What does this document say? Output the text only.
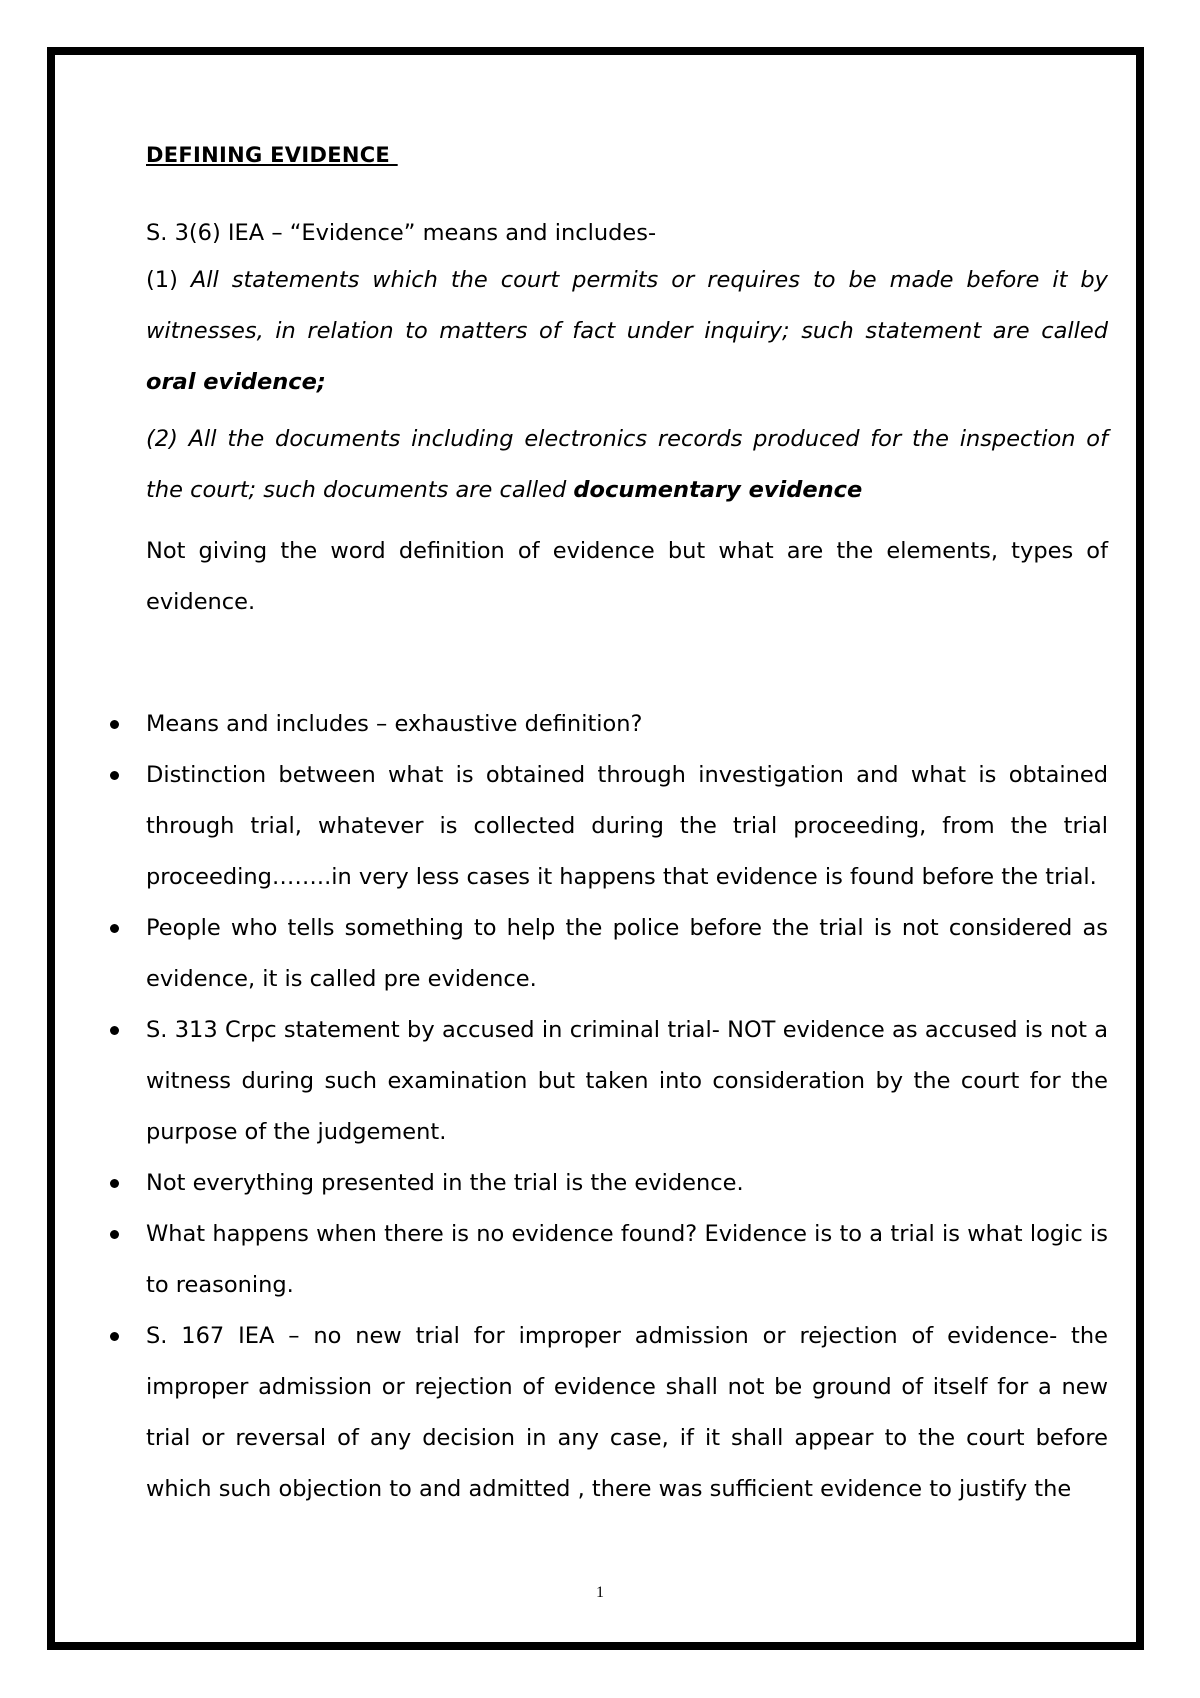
DEFINING EVIDENCE

S. 3(6) IEA – “Evidence” means and includes-

(1) All statements which the court permits or requires to be made before it by witnesses, in relation to matters of fact under inquiry; such statement are called oral evidence;

(2) All the documents including electronics records produced for the inspection of the court; such documents are called documentary evidence

Not giving the word definition of evidence but what are the elements, types of evidence.

Means and includes – exhaustive definition?
Distinction between what is obtained through investigation and what is obtained through trial, whatever is collected during the trial proceeding, from the trial proceeding……..in very less cases it happens that evidence is found before the trial.
People who tells something to help the police before the trial is not considered as evidence, it is called pre evidence.
S. 313 Crpc statement by accused in criminal trial- NOT evidence as accused is not a witness during such examination but taken into consideration by the court for the purpose of the judgement.
Not everything presented in the trial is the evidence.
What happens when there is no evidence found? Evidence is to a trial is what logic is to reasoning.
S. 167 IEA – no new trial for improper admission or rejection of evidence- the improper admission or rejection of evidence shall not be ground of itself for a new trial or reversal of any decision in any case, if it shall appear to the court before which such objection to and admitted , there was sufficient evidence to justify the
1
